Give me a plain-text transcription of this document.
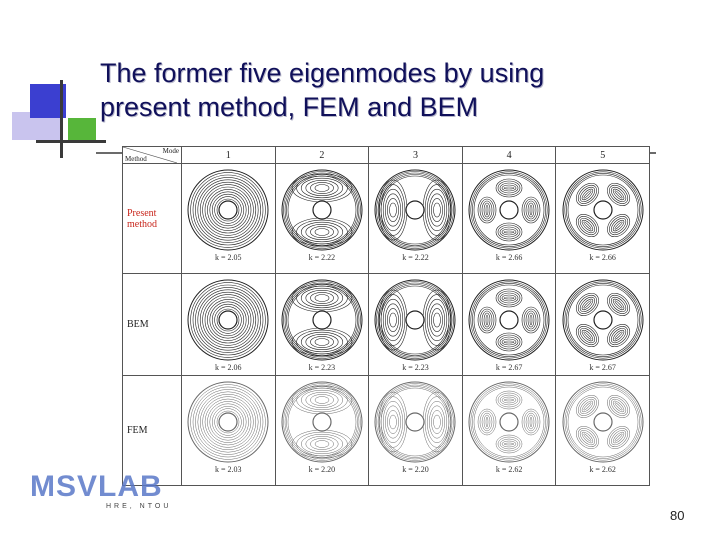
The former five eigenmodes by using
present method, FEM and BEM
Mode
Method	1	2	3	4	5

Present
method	k = 2.05	k = 2.22	k = 2.22	k = 2.66	k = 2.66

BEM	k = 2.06	k = 2.23	k = 2.23	k = 2.67	k = 2.67

FEM	k = 2.03	k = 2.20	k = 2.20	k = 2.62	k = 2.62
MSVLAB
HRE, NTOU
80
